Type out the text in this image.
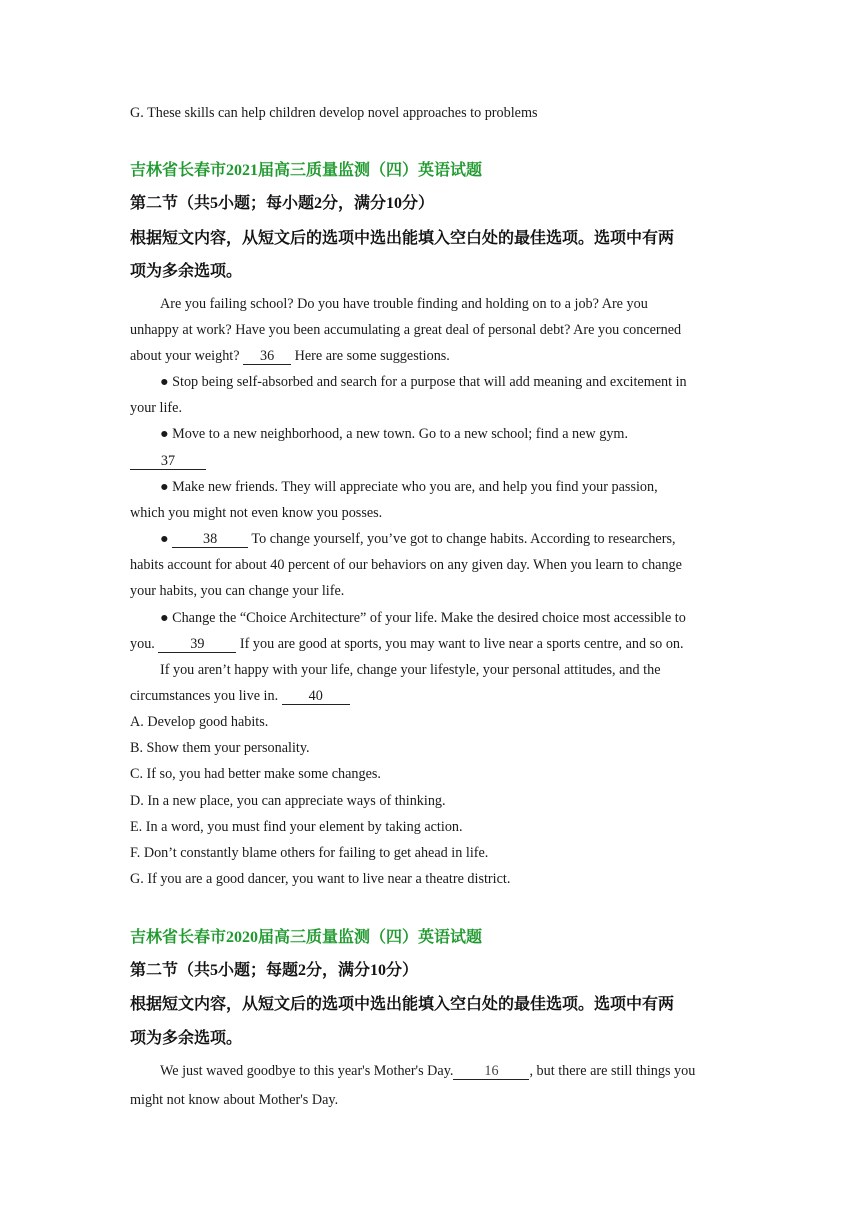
G. These skills can help children develop novel approaches to problems
吉林省长春市2021届高三质量监测（四）英语试题
第二节（共5小题；每小题2分，满分10分）
根据短文内容，从短文后的选项中选出能填入空白处的最佳选项。选项中有两
项为多余选项。
Are you failing school? Do you have trouble finding and holding on to a job? Are you
unhappy at work? Have you been accumulating a great deal of personal debt? Are you concerned
about your weight? 36 Here are some suggestions.
● Stop being self-absorbed and search for a purpose that will add meaning and excitement in
your life.
● Move to a new neighborhood, a new town. Go to a new school; find a new gym.
37
● Make new friends. They will appreciate who you are, and help you find your passion,
which you might not even know you posses.
● 38 To change yourself, you’ve got to change habits. According to researchers,
habits account for about 40 percent of our behaviors on any given day. When you learn to change
your habits, you can change your life.
● Change the “Choice Architecture” of your life. Make the desired choice most accessible to
you. 39 If you are good at sports, you may want to live near a sports centre, and so on.
If you aren’t happy with your life, change your lifestyle, your personal attitudes, and the
circumstances you live in. 40
A. Develop good habits.
B. Show them your personality.
C. If so, you had better make some changes.
D. In a new place, you can appreciate ways of thinking.
E. In a word, you must find your element by taking action.
F. Don’t constantly blame others for failing to get ahead in life.
G. If you are a good dancer, you want to live near a theatre district.
吉林省长春市2020届高三质量监测（四）英语试题
第二节（共5小题；每题2分，满分10分）
根据短文内容，从短文后的选项中选出能填入空白处的最佳选项。选项中有两
项为多余选项。
We just waved goodbye to this year's Mother's Day. 16 , but there are still things you
might not know about Mother's Day.
